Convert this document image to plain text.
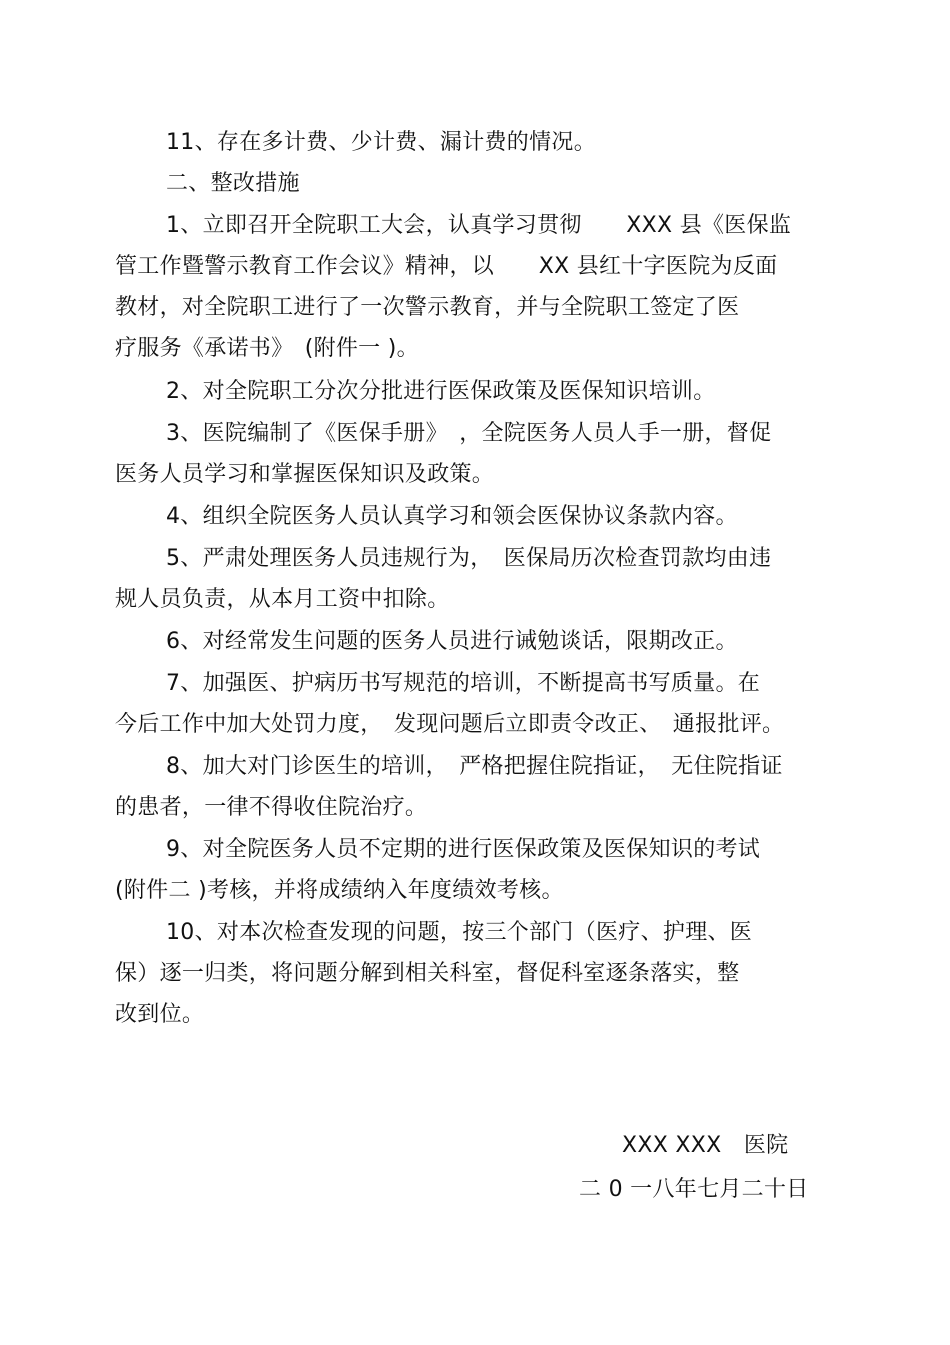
11、存在多计费、少计费、漏计费的情况。
二、整改措施
1、立即召开全院职工大会，认真学习贯彻　　XXX 县《医保监
管工作暨警示教育工作会议》精神，以　　XX 县红十字医院为反面
教材，对全院职工进行了一次警示教育，并与全院职工签定了医
疗服务《承诺书》　(附件一 )。
2、对全院职工分次分批进行医保政策及医保知识培训。
3、医院编制了《医保手册》　，全院医务人员人手一册，督促
医务人员学习和掌握医保知识及政策。
4、组织全院医务人员认真学习和领会医保协议条款内容。
5、严肃处理医务人员违规行为，　医保局历次检查罚款均由违
规人员负责，从本月工资中扣除。
6、对经常发生问题的医务人员进行诫勉谈话，限期改正。
7、加强医、护病历书写规范的培训，不断提高书写质量。在
今后工作中加大处罚力度，　发现问题后立即责令改正、　通报批评。
8、加大对门诊医生的培训，　严格把握住院指证，　无住院指证
的患者，一律不得收住院治疗。
9、对全院医务人员不定期的进行医保政策及医保知识的考试
(附件二 )考核，并将成绩纳入年度绩效考核。
10、对本次检查发现的问题，按三个部门（医疗、护理、医
保）逐一归类，将问题分解到相关科室，督促科室逐条落实，整
改到位。
XXX XXX　医院
二 0 一八年七月二十日
